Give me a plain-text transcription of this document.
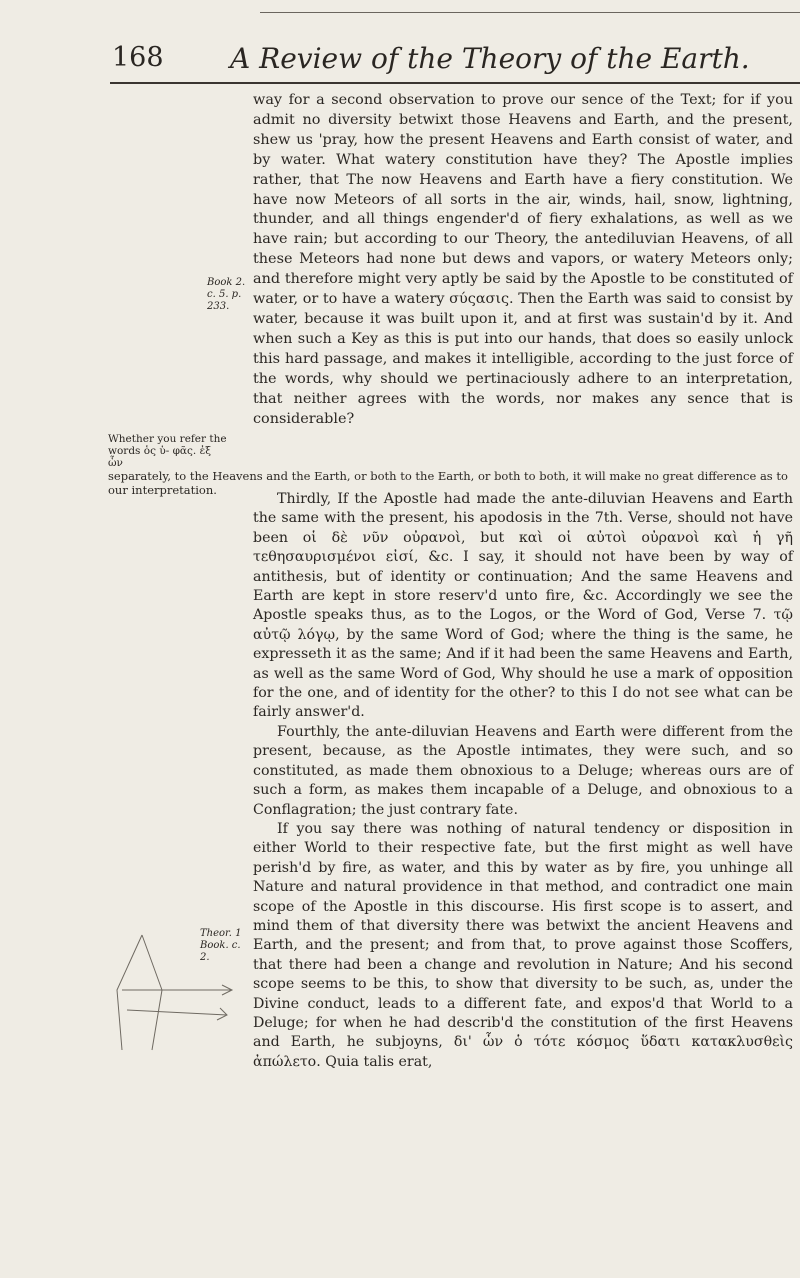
168 A Review of the Theory of the Earth.
Book 2. c. 5. p. 233.

way for a second observation to prove our sence of the Text; for if you admit no diversity betwixt those Heavens and Earth, and the present, shew us 'pray, how the present Heavens and Earth consist of water, and by water. What watery constitution have they? The Apostle implies rather, that The now Heavens and Earth have a fiery constitution. We have now Meteors of all sorts in the air, winds, hail, snow, lightning, thunder, and all things engender'd of fiery exhalations, as well as we have rain; but according to our Theory, the antediluvian Heavens, of all these Meteors had none but dews and vapors, or watery Meteors only; and therefore might very aptly be said by the Apostle to be constituted of water, or to have a watery σύςασις. Then the Earth was said to consist by water, because it was built upon it, and at first was sustain'd by it. And when such a Key as this is put into our hands, that does so easily unlock this hard passage, and makes it intelligible, according to the just force of the words, why should we pertinaciously adhere to an interpretation, that neither agrees with the words, nor makes any sence that is considerable?

Whether you refer the words ὁς ὑ- φᾶς. ἐξ ὧν
separately, to the Heavens and the Earth, or both to the Earth, or both to both, it will make no great difference as to our interpretation.

Thirdly, If the Apostle had made the ante-diluvian Heavens and Earth the same with the present, his apodosis in the 7th. Verse, should not have been οἱ δὲ νῦν οὐρανοὶ, but καὶ οἱ αὐτοὶ οὐρανοὶ καὶ ἡ γῆ τεθησαυρισμένοι εἰσί, &c. I say, it should not have been by way of antithesis, but of identity or continuation; And the same Heavens and Earth are kept in store reserv'd unto fire, &c. Accordingly we see the Apostle speaks thus, as to the Logos, or the Word of God, Verse 7. τῷ αὐτῷ λόγῳ, by the same Word of God; where the thing is the same, he expresseth it as the same; And if it had been the same Heavens and Earth, as well as the same Word of God, Why should he use a mark of opposition for the one, and of identity for the other? to this I do not see what can be fairly answer'd.

Fourthly, the ante-diluvian Heavens and Earth were different from the present, because, as the Apostle intimates, they were such, and so constituted, as made them obnoxious to a Deluge; whereas ours are of such a form, as makes them incapable of a Deluge, and obnoxious to a Conflagration; the just contrary fate.

If you say there was nothing of natural tendency or disposition in either World to their respective fate, but the first might as well have perish'd by fire, as water, and this by water as by fire, you unhinge all Nature and natural providence in that method, and contradict one main scope of the Apostle in this discourse. His first scope is to assert, and mind them of that diversity there was betwixt the ancient Heavens and Earth, and the present; and from that, to prove against those Scoffers, that there had been a change and revolution in Nature; And his second scope seems to be this, to show that diversity to be such, as, under the Divine conduct, leads to a different fate, and expos'd that World to a Deluge; for when he had describ'd the constitution of the first Heavens and Earth, he subjoyns, δι' ὧν ὁ τότε κόσμος ὕδατι κατακλυσθεὶς ἀπώλετο. Quia talis erat,

Theor. 1 Book. c. 2.
